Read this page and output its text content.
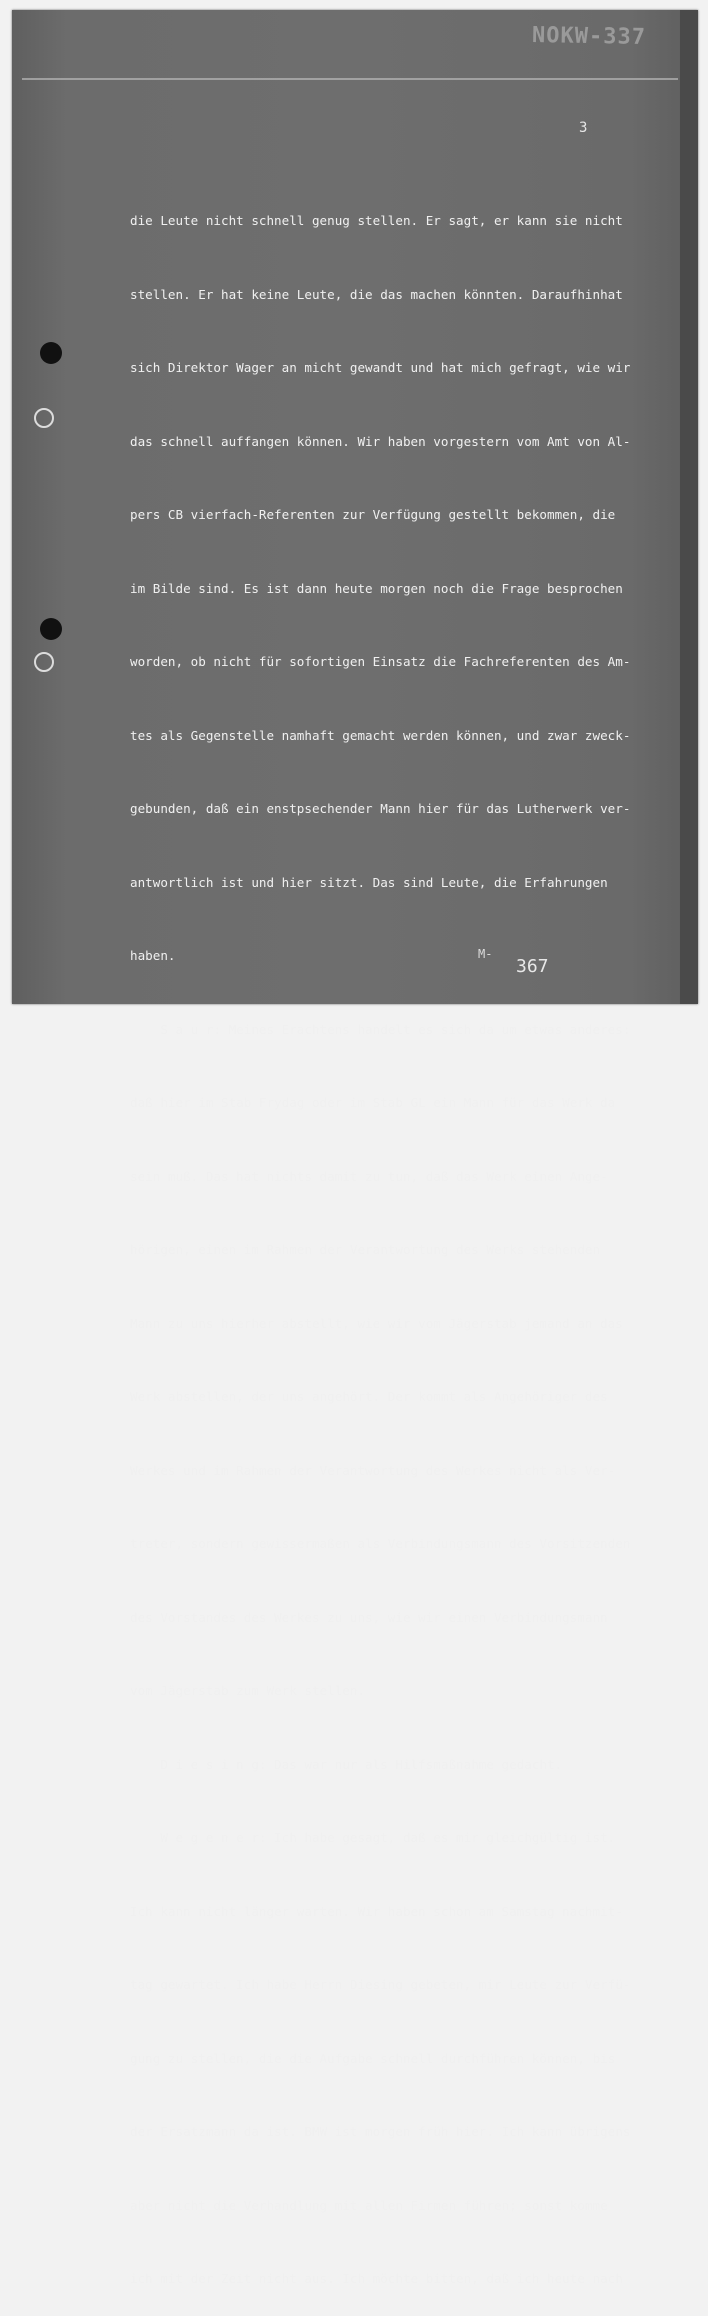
NOKW-337
3

die Leute nicht schnell genug stellen. Er sagt, er kann sie nicht

stellen. Er hat keine Leute, die das machen könnten. Daraufhinhat

sich Direktor Wager an micht gewandt und hat mich gefragt, wie wir

das schnell auffangen können. Wir haben vorgestern vom Amt von Al-

pers CB vierfach-Referenten zur Verfügung gestellt bekommen, die

im Bilde sind. Es ist dann heute morgen noch die Frage besprochen

worden, ob nicht für sofortigen Einsatz die Fachreferenten des Am-

tes als Gegenstelle namhaft gemacht werden können, und zwar zweck-

gebunden, daß ein enstpsechender Mann hier für das Lutherwerk ver-

antwortlich ist und hier sitzt. Das sind Leute, die Erfahrungen

haben.

S a u r: Meines Erachtens handelt es sich da um etwas anderes:

daß hier im Stab Frydag oder im Stab GL ein Mann für das Werk da

sein muß. Das hat nichts damit zu tun, daß das Werk einen Ange-

hörigen, einen im Rahmen der Verantwortung des Werks stehenden

Mann zu uns hierher abstellt, wie wir vom Jägerstab jemand an das

Werk abstellen, der uns angehört. Der kommt als Angehöriger des

Werkes und im Rahmen der Verantwortung des Werkes nicht als Ver-

treter, sondern gewissermaßen als Verbindungsmann des Vorsitzenden

des Vorstandes des Werkes zu uns, wie wir einen Verbindungsmann

vom Jägerstab zum Werk stellen.

D i e s i n g: Das war nur als Hilfsmaßnahme gedacht.

W e g e n e r: Ich habe gesagt, daß es mir gleichgültig ist.

Ich kann nicht länger warten. Wir haben schon am Samstag nachmit-

tag gewartet. Ich habe Herrn Diesing gebeten, mir Leute zur Verfü-

gung zu stellen, die die Aufgabe schnell durchführen können, bis

der Ersatzmann da ist. BMW ist morgen früh hier. Ich kann übrigens

aber nicht die Verhandlung mit allen Firmen führen; sonst komme

ich mit der Zeit nicht aus. Ich möchte bitten, daß ich heute nach

M-
367
